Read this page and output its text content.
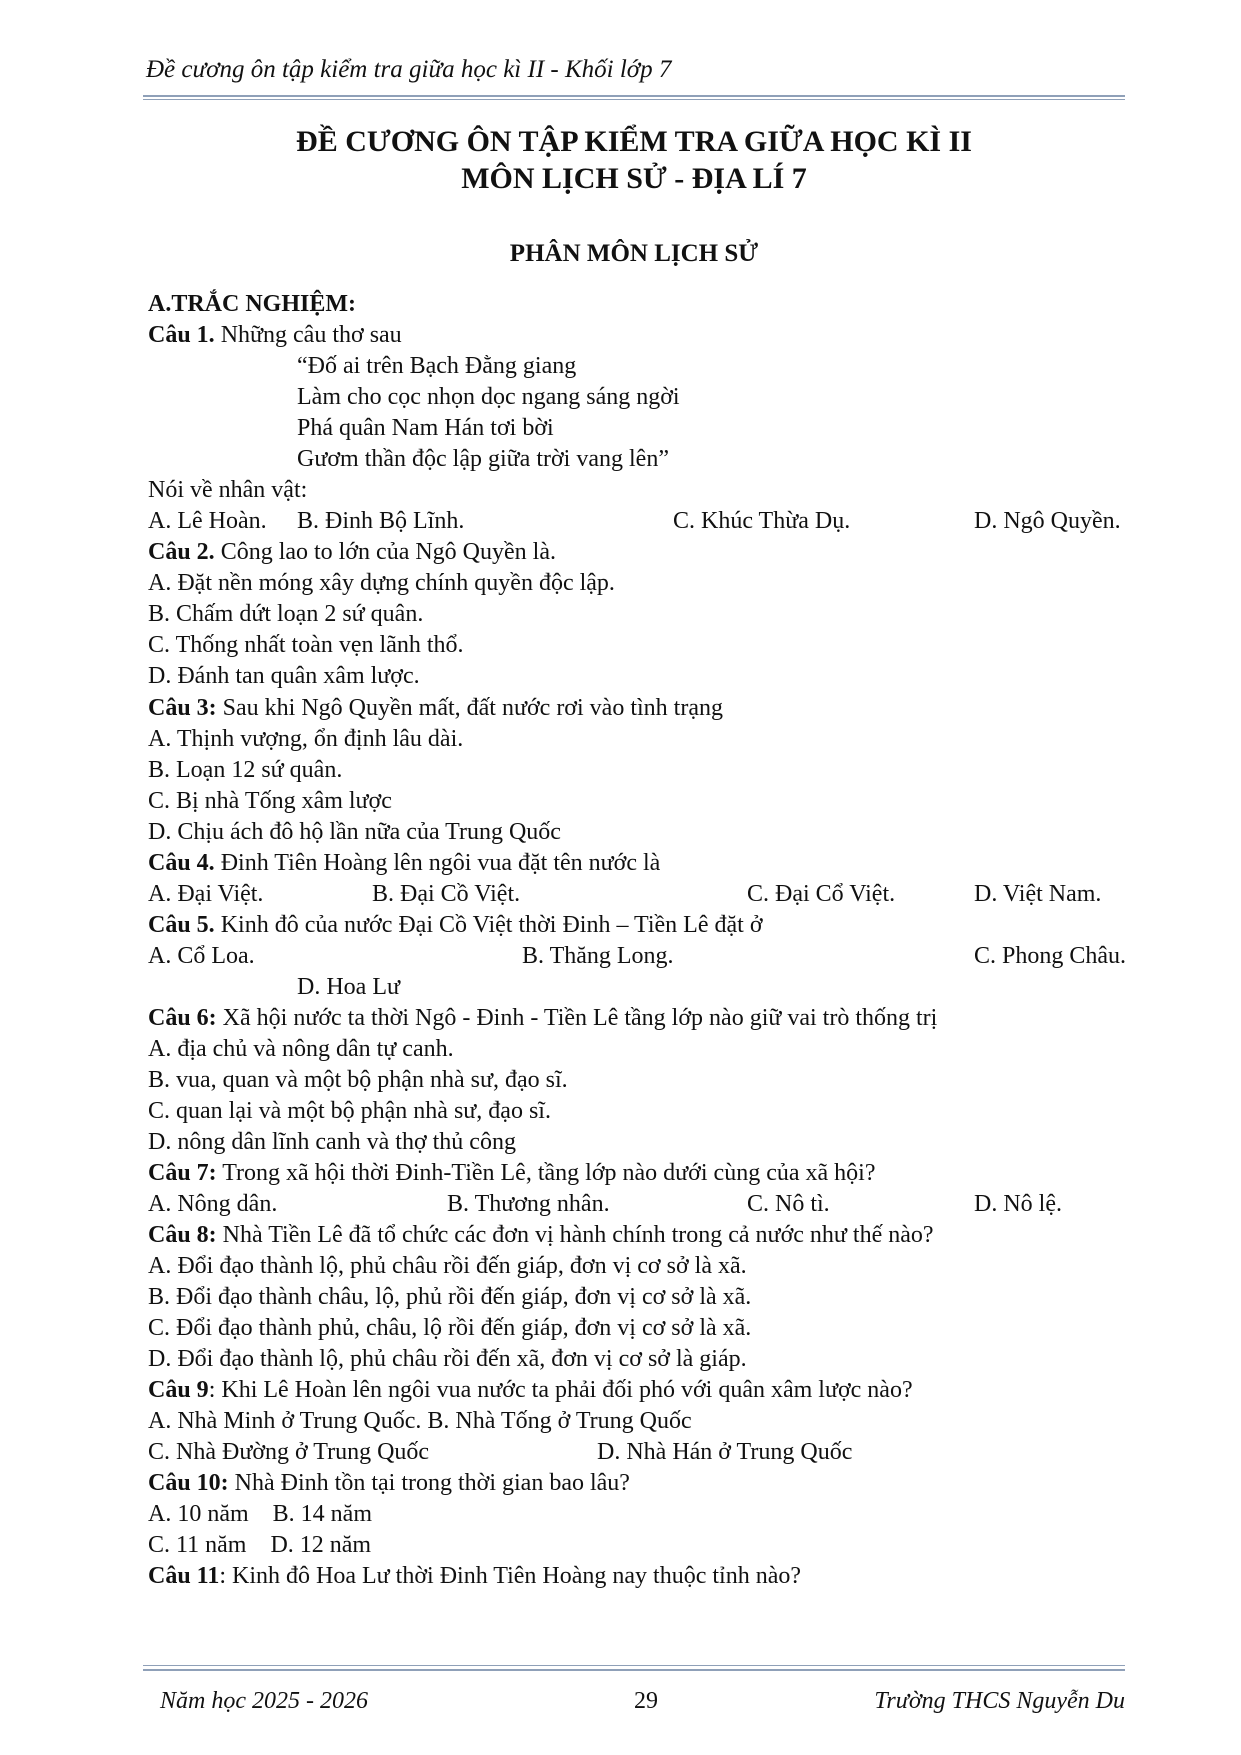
Đề cương ôn tập kiểm tra giữa học kì II - Khối lớp 7
ĐỀ CƯƠNG ÔN TẬP KIỂM TRA GIỮA HỌC KÌ II
MÔN LỊCH SỬ - ĐỊA LÍ 7
PHÂN MÔN LỊCH SỬ
A.TRẮC NGHIỆM:
Câu 1. Những câu thơ sau
“Đố ai trên Bạch Đằng giang
Làm cho cọc nhọn dọc ngang sáng ngời
Phá quân Nam Hán tơi bời
Gươm thần độc lập giữa trời vang lên”
Nói về nhân vật:
A. Lê Hoàn. B. Đinh Bộ Lĩnh.	C. Khúc Thừa Dụ.	D. Ngô Quyền.
Câu 2. Công lao to lớn của Ngô Quyền là.
A. Đặt nền móng xây dựng chính quyền độc lập.
B. Chấm dứt loạn 2 sứ quân.
C. Thống nhất toàn vẹn lãnh thổ.
D. Đánh tan quân xâm lược.
Câu 3: Sau khi Ngô Quyền mất, đất nước rơi vào tình trạng
A. Thịnh vượng, ổn định lâu dài.
B. Loạn 12 sứ quân.
C. Bị nhà Tống xâm lược
D. Chịu ách đô hộ lần nữa của Trung Quốc
Câu 4. Đinh Tiên Hoàng lên ngôi vua đặt tên nước là
A. Đại Việt.	B. Đại Cồ Việt.	C. Đại Cổ Việt.	D. Việt Nam.
Câu 5. Kinh đô của nước Đại Cồ Việt thời Đinh – Tiền Lê đặt ở
A. Cổ Loa.	B. Thăng Long.	C. Phong Châu.
D. Hoa Lư
Câu 6: Xã hội nước ta thời Ngô - Đinh - Tiền Lê tầng lớp nào giữ vai trò thống trị
A. địa chủ và nông dân tự canh.
B. vua, quan và một bộ phận nhà sư, đạo sĩ.
C. quan lại và một bộ phận nhà sư, đạo sĩ.
D. nông dân lĩnh canh và thợ thủ công
Câu 7: Trong xã hội thời Đinh-Tiền Lê, tầng lớp nào dưới cùng của xã hội?
A. Nông dân.	B. Thương nhân.	C. Nô tì.	D. Nô lệ.
Câu 8: Nhà Tiền Lê đã tổ chức các đơn vị hành chính trong cả nước như thế nào?
A. Đổi đạo thành lộ, phủ châu rồi đến giáp, đơn vị cơ sở là xã.
B. Đổi đạo thành châu, lộ, phủ rồi đến giáp, đơn vị cơ sở là xã.
C. Đổi đạo thành phủ, châu, lộ rồi đến giáp, đơn vị cơ sở là xã.
D. Đổi đạo thành lộ, phủ châu rồi đến xã, đơn vị cơ sở là giáp.
Câu 9: Khi Lê Hoàn lên ngôi vua nước ta phải đối phó với quân xâm lược nào?
A. Nhà Minh ở Trung Quốc. B. Nhà Tống ở Trung Quốc
C. Nhà Đường ở Trung Quốc	D. Nhà Hán ở Trung Quốc
Câu 10: Nhà Đinh tồn tại trong thời gian bao lâu?
A. 10 năm    B. 14 năm
C. 11 năm    D. 12 năm
Câu 11: Kinh đô Hoa Lư thời Đinh Tiên Hoàng nay thuộc tỉnh nào?
Năm học 2025 - 2026	29	Trường THCS Nguyễn Du
